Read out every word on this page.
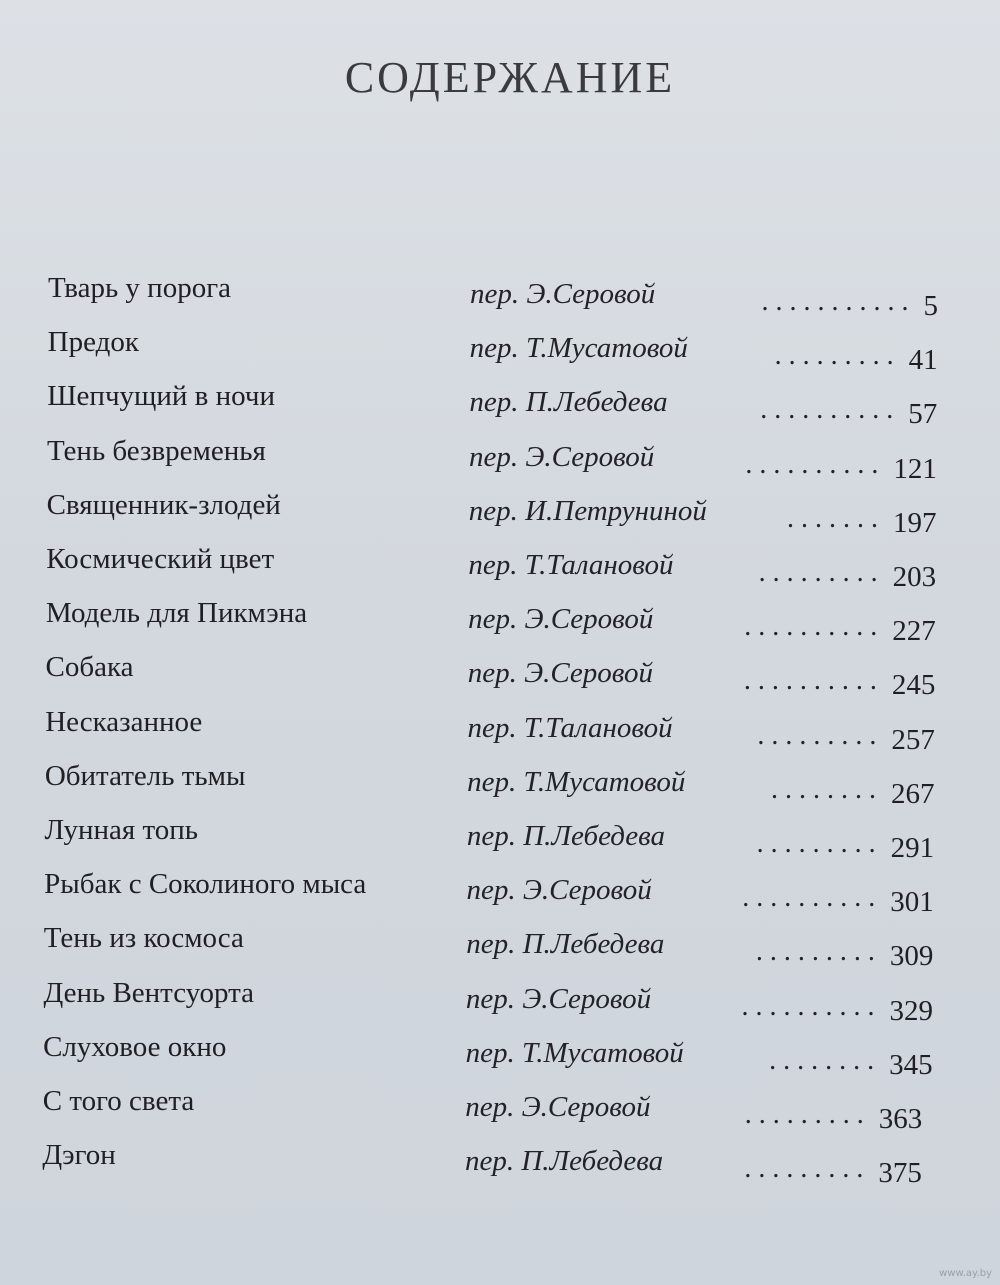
СОДЕРЖАНИЕ
Тварь у порога	пер. Э.Серовой	5
...........
Предок	пер. Т.Мусатовой	41
.........
Шепчущий в ночи	пер. П.Лебедева	57
..........
Тень безвременья	пер. Э.Серовой	121
..........
Священник-злодей	пер. И.Петруниной	197
.......
Космический цвет	пер. Т.Талановой	203
.........
Модель для Пикмэна	пер. Э.Серовой	227
..........
Собака	пер. Э.Серовой	245
..........
Несказанное	пер. Т.Талановой	257
.........
Обитатель тьмы	пер. Т.Мусатовой	267
........
Лунная топь	пер. П.Лебедева	291
.........
Рыбак с Соколиного мыса	пер. Э.Серовой	301
..........
Тень из космоса	пер. П.Лебедева	309
.........
День Вентсуорта	пер. Э.Серовой	329
..........
Слуховое окно	пер. Т.Мусатовой	345
........
С того света	пер. Э.Серовой	363
.........
Дэгон	пер. П.Лебедева	375
.........
www.ay.by
